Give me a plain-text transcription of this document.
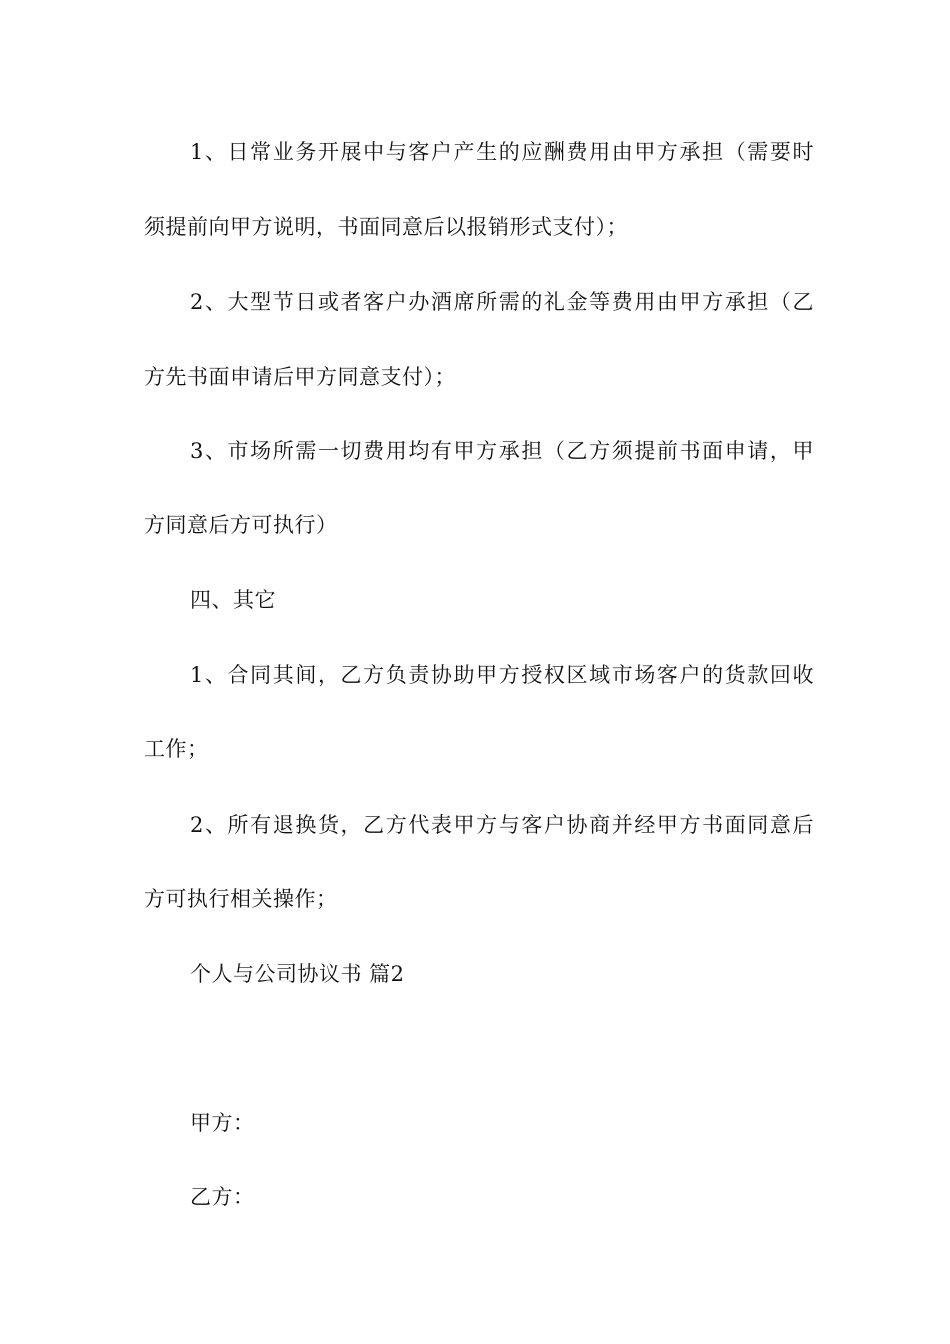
1、日常业务开展中与客户产生的应酬费用由甲方承担（需要时
须提前向甲方说明，书面同意后以报销形式支付）；
2、大型节日或者客户办酒席所需的礼金等费用由甲方承担（乙
方先书面申请后甲方同意支付）；
3、市场所需一切费用均有甲方承担（乙方须提前书面申请，甲
方同意后方可执行）
四、其它
1、合同其间，乙方负责协助甲方授权区域市场客户的货款回收
工作；
2、所有退换货，乙方代表甲方与客户协商并经甲方书面同意后
方可执行相关操作；
个人与公司协议书 篇2
甲方：
乙方：
